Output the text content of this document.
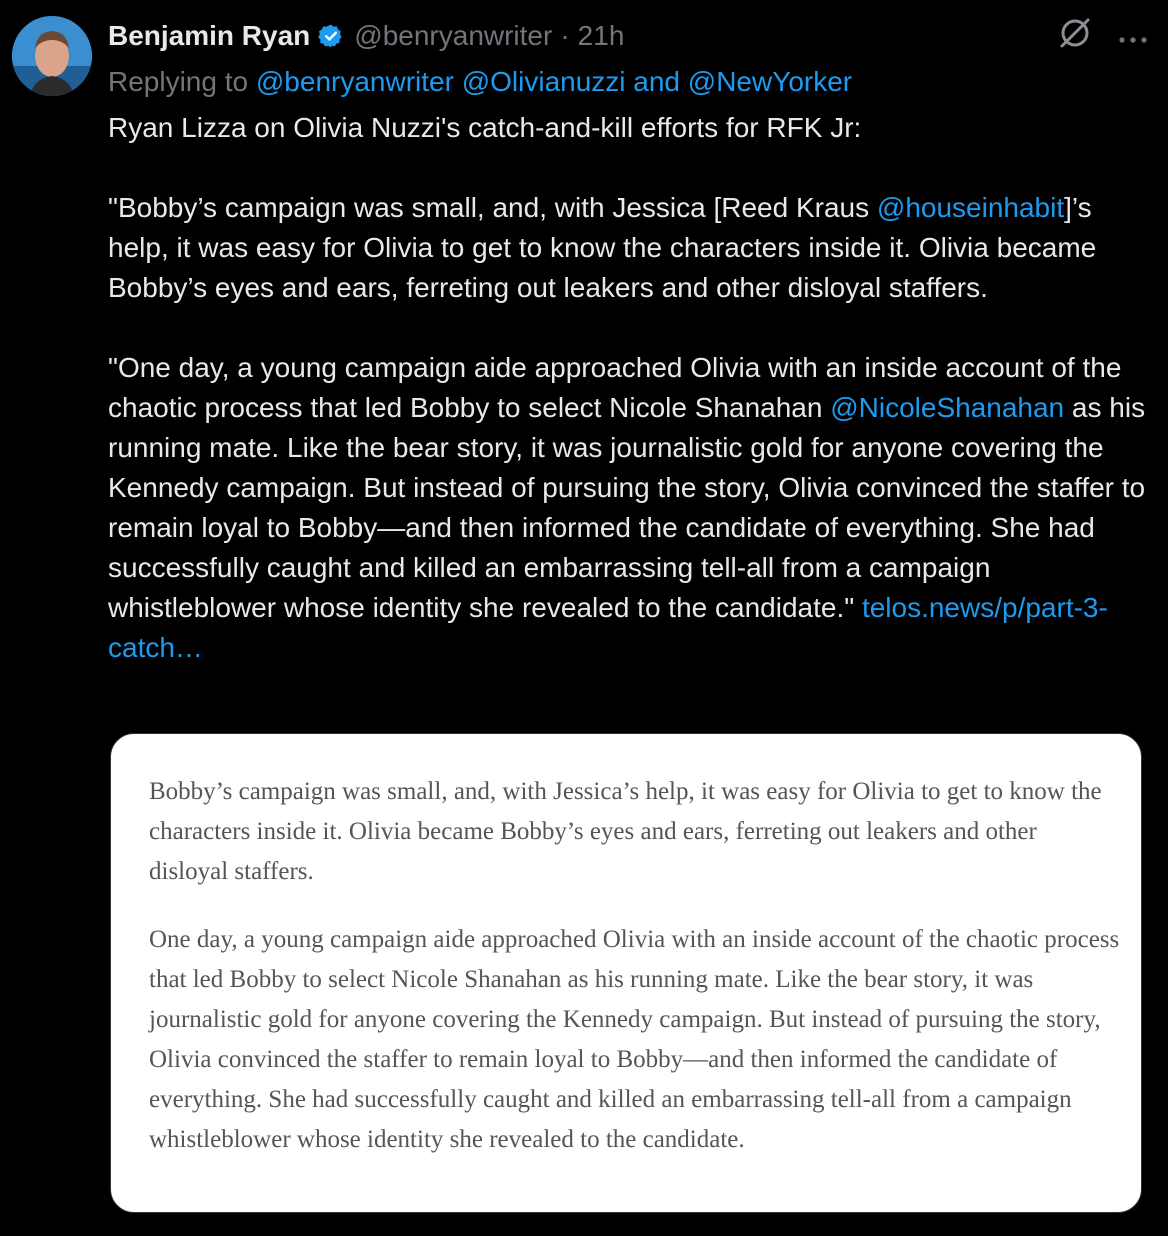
Benjamin Ryan @benryanwriter · 21h
Replying to @benryanwriter @Olivianuzzi and @NewYorker
Ryan Lizza on Olivia Nuzzi's catch-and-kill efforts for RFK Jr:

"Bobby’s campaign was small, and, with Jessica [Reed Kraus @houseinhabit]’s help, it was easy for Olivia to get to know the characters inside it. Olivia became Bobby’s eyes and ears, ferreting out leakers and other disloyal staffers.

"One day, a young campaign aide approached Olivia with an inside account of the chaotic process that led Bobby to select Nicole Shanahan @NicoleShanahan as his running mate. Like the bear story, it was journalistic gold for anyone covering the Kennedy campaign. But instead of pursuing the story, Olivia convinced the staffer to remain loyal to Bobby—and then informed the candidate of everything. She had successfully caught and killed an embarrassing tell-all from a campaign whistleblower whose identity she revealed to the candidate." telos.news/p/part-3-catch…

Bobby’s campaign was small, and, with Jessica’s help, it was easy for Olivia to get to know the characters inside it. Olivia became Bobby’s eyes and ears, ferreting out leakers and other disloyal staffers.

One day, a young campaign aide approached Olivia with an inside account of the chaotic process that led Bobby to select Nicole Shanahan as his running mate. Like the bear story, it was journalistic gold for anyone covering the Kennedy campaign. But instead of pursuing the story, Olivia convinced the staffer to remain loyal to Bobby—and then informed the candidate of everything. She had successfully caught and killed an embarrassing tell-all from a campaign whistleblower whose identity she revealed to the candidate.
